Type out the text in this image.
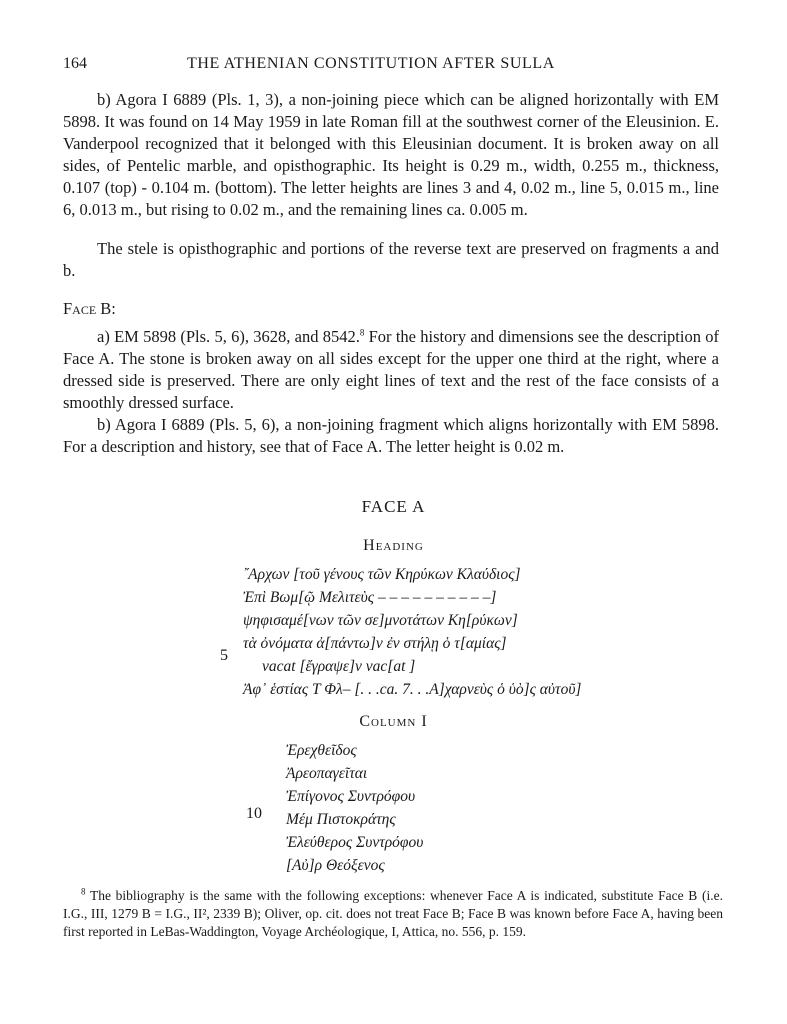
164	THE ATHENIAN CONSTITUTION AFTER SULLA

b) Agora I 6889 (Pls. 1, 3), a non-joining piece which can be aligned horizontally with EM 5898. It was found on 14 May 1959 in late Roman fill at the southwest corner of the Eleusinion. E. Vanderpool recognized that it belonged with this Eleusinian document. It is broken away on all sides, of Pentelic marble, and opisthographic. Its height is 0.29 m., width, 0.255 m., thickness, 0.107 (top) - 0.104 m. (bottom). The letter heights are lines 3 and 4, 0.02 m., line 5, 0.015 m., line 6, 0.013 m., but rising to 0.02 m., and the remaining lines ca. 0.005 m.

The stele is opisthographic and portions of the reverse text are preserved on fragments a and b.

Face B:

a) EM 5898 (Pls. 5, 6), 3628, and 8542.$^8$ For the history and dimensions see the description of Face A. The stone is broken away on all sides except for the upper one third at the right, where a dressed side is preserved. There are only eight lines of text and the rest of the face consists of a smoothly dressed surface.

b) Agora I 6889 (Pls. 5, 6), a non-joining fragment which aligns horizontally with EM 5898. For a description and history, see that of Face A. The letter height is 0.02 m.

FACE A
Heading
5
῎Αρχων [τοῦ γένους τῶν Κηρύκων Κλαύδιος]
Ἐπὶ Βωμ[ῷ Μελιτεὺς – – – – – – – – – –]
ψηφισαμέ[νων τῶν σε]μνοτάτων Κη[ρύκων]
τὰ ὀνόματα ἀ[πάντω]ν ἐν στήλῃ ὁ τ[αμίας]
vacat [ἔγραψε]ν vac[at ]
Ἀφ᾽ ἑστίας Τ Φλ– [. . .ca. 7. . .Α]χαρνεὺς ὁ ὑὸ]ς αὐτοῦ]
Column I
Ἐρεχθεῖδος
Ἀρεοπαγεῖται
Ἐπίγονος Συντρόφου
10 Μέμ Πιστοκράτης
Ἐλεύθερος Συντρόφου
[Αὐ]ρ Θεόξενος

$^8$ The bibliography is the same with the following exceptions: whenever Face A is indicated, substitute Face B (i.e. I.G., III, 1279 B = I.G., II², 2339 B); Oliver, op. cit. does not treat Face B; Face B was known before Face A, having been first reported in LeBas-Waddington, Voyage Archéologique, I, Attica, no. 556, p. 159.
